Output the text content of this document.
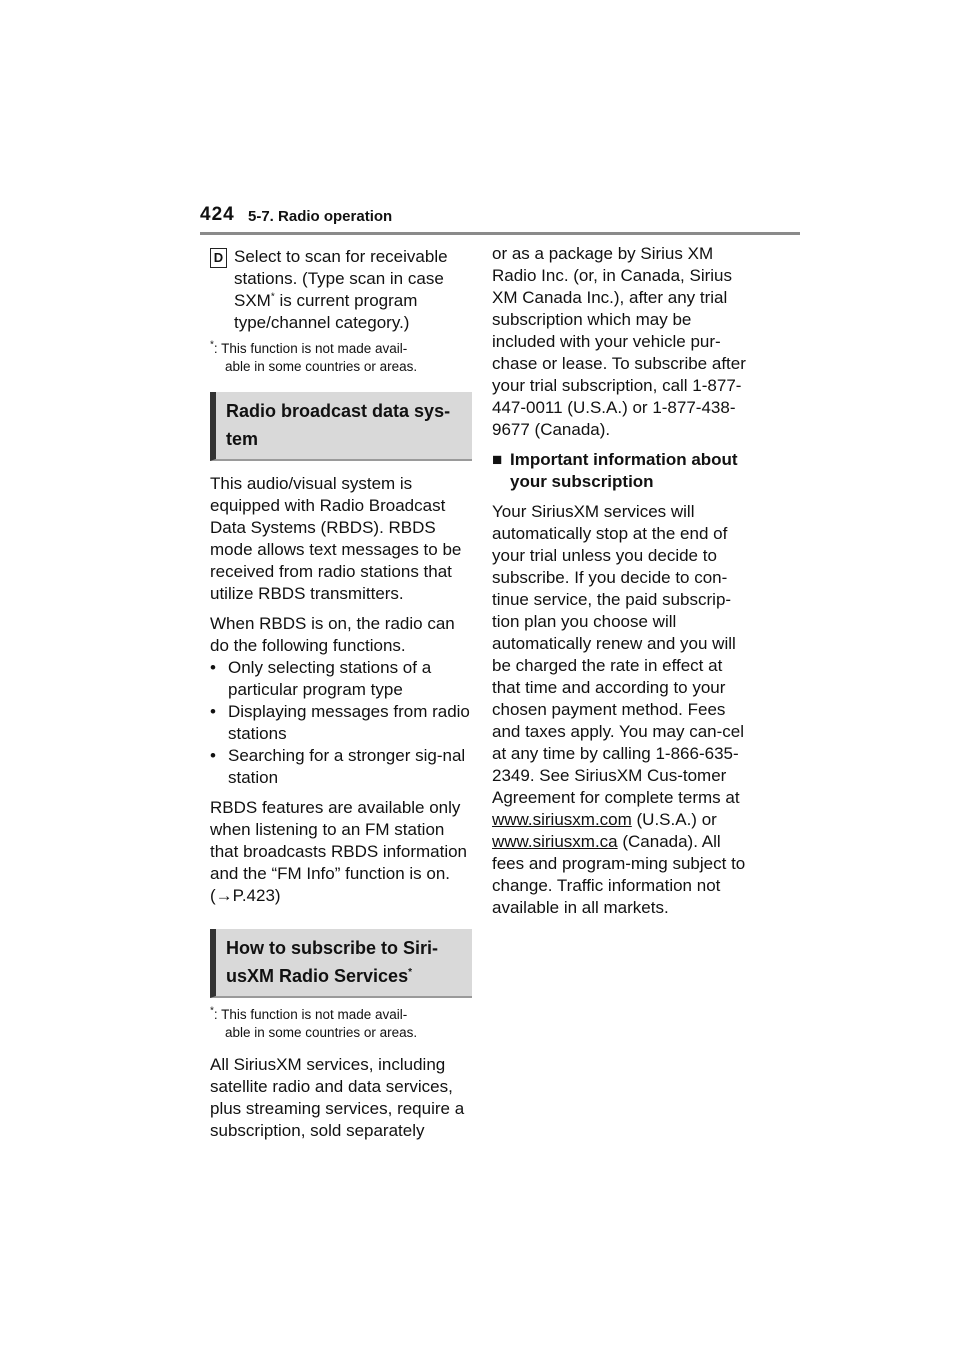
424 5-7. Radio operation
D Select to scan for receivable stations. (Type scan in case SXM* is current program type/channel category.)
*: This function is not made avail-
able in some countries or areas.
Radio broadcast data sys-tem

This audio/visual system is equipped with Radio Broadcast Data Systems (RBDS). RBDS mode allows text messages to be received from radio stations that utilize RBDS transmitters.

When RBDS is on, the radio can do the following functions.

• Only selecting stations of a particular program type
• Displaying messages from radio stations
• Searching for a stronger sig-nal station

RBDS features are available only when listening to an FM station that broadcasts RBDS information and the “FM Info” function is on. (→P.423)

How to subscribe to Siri-usXM Radio Services*
*: This function is not made avail-
able in some countries or areas.

All SiriusXM services, including satellite radio and data services, plus streaming services, require a subscription, sold separately

or as a package by Sirius XM Radio Inc. (or, in Canada, Sirius XM Canada Inc.), after any trial subscription which may be included with your vehicle pur-chase or lease. To subscribe after your trial subscription, call 1-877-447-0011 (U.S.A.) or 1-877-438-9677 (Canada).

■ Important information about your subscription

Your SiriusXM services will automatically stop at the end of your trial unless you decide to subscribe. If you decide to con-tinue service, the paid subscrip-tion plan you choose will automatically renew and you will be charged the rate in effect at that time and according to your chosen payment method. Fees and taxes apply. You may can-cel at any time by calling 1-866-635-2349. See SiriusXM Cus-tomer Agreement for complete terms at www.siriusxm.com (U.S.A.) or www.siriusxm.ca (Canada). All fees and program-ming subject to change. Traffic information not available in all markets.
